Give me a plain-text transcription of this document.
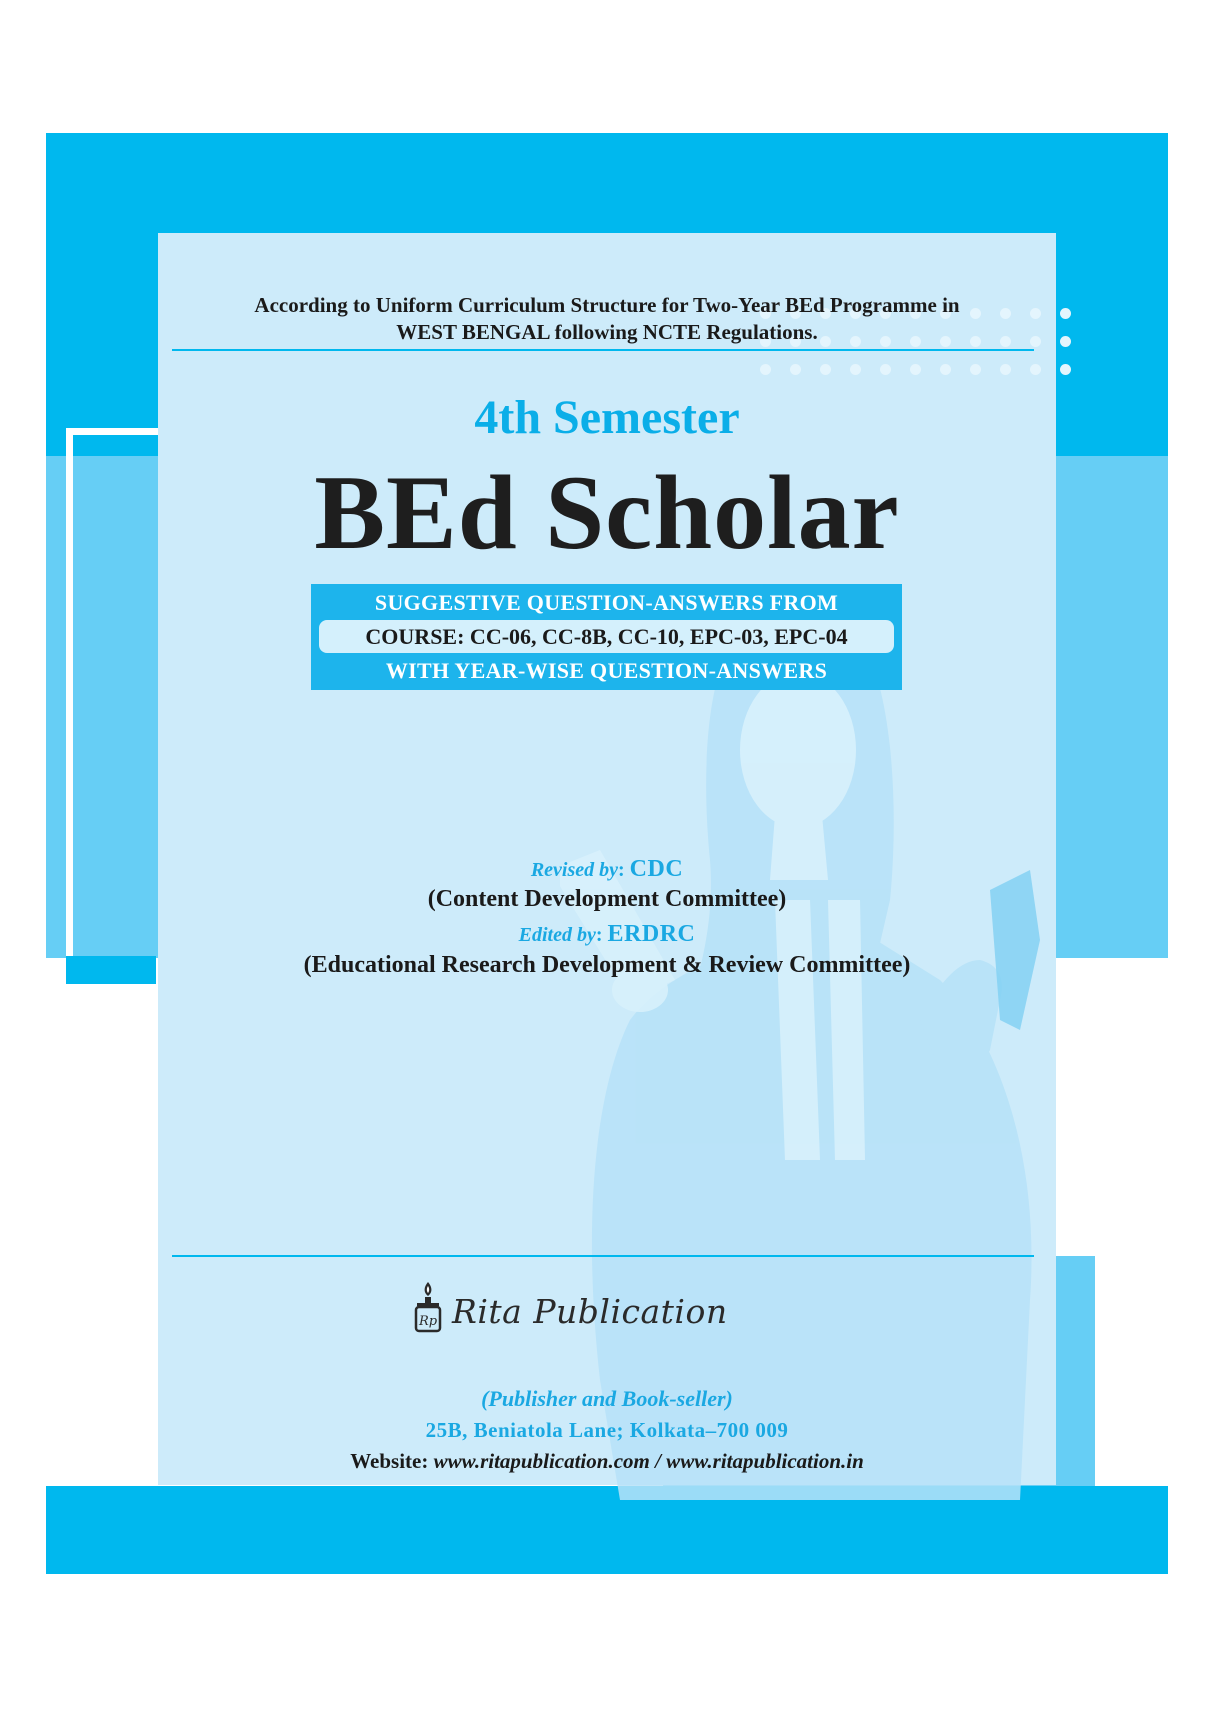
According to Uniform Curriculum Structure for Two-Year BEd Programme in
WEST BENGAL following NCTE Regulations.
4th Semester
BEd Scholar
SUGGESTIVE QUESTION-ANSWERS FROM
COURSE: CC-06, CC-8B, CC-10, EPC-03, EPC-04
WITH YEAR-WISE QUESTION-ANSWERS
Revised by: CDC
(Content Development Committee)
Edited by: ERDRC
(Educational Research Development & Review Committee)
Rp Rita Publication
(Publisher and Book-seller)
25B, Beniatola Lane; Kolkata–700 009
Website: www.ritapublication.com / www.ritapublication.in
